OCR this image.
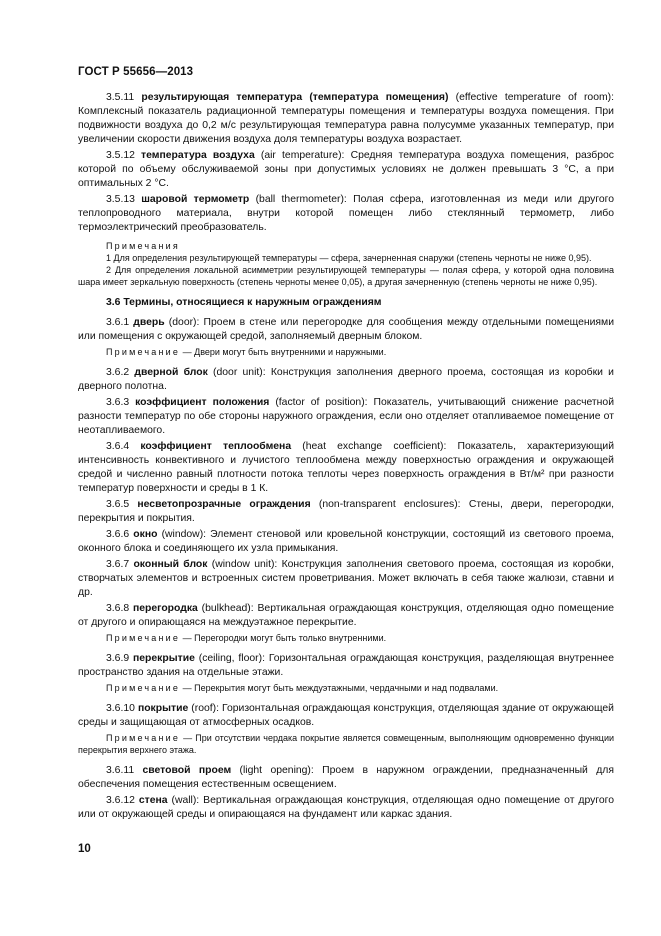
ГОСТ Р 55656—2013

3.5.11 результирующая температура (температура помещения) (effective temperature of room): Комплексный показатель радиационной температуры помещения и температуры воздуха помещения. При подвижности воздуха до 0,2 м/с результирующая температура равна полусумме указанных температур, при увеличении скорости движения воздуха доля температуры воздуха возрастает.

3.5.12 температура воздуха (air temperature): Средняя температура воздуха помещения, разброс которой по объему обслуживаемой зоны при допустимых условиях не должен превышать 3 °C, а при оптимальных 2 °C.

3.5.13 шаровой термометр (ball thermometer): Полая сфера, изготовленная из меди или другого теплопроводного материала, внутри которой помещен либо стеклянный термометр, либо термоэлектрический преобразователь.

Примечания

1 Для определения результирующей температуры — сфера, зачерненная снаружи (степень черноты не ниже 0,95).

2 Для определения локальной асимметрии результирующей температуры — полая сфера, у которой одна половина шара имеет зеркальную поверхность (степень черноты менее 0,05), а другая зачерненную (степень черноты не ниже 0,95).

3.6 Термины, относящиеся к наружным ограждениям

3.6.1 дверь (door): Проем в стене или перегородке для сообщения между отдельными помещениями или помещения с окружающей средой, заполняемый дверным блоком.

Примечание — Двери могут быть внутренними и наружными.

3.6.2 дверной блок (door unit): Конструкция заполнения дверного проема, состоящая из коробки и дверного полотна.

3.6.3 коэффициент положения (factor of position): Показатель, учитывающий снижение расчетной разности температур по обе стороны наружного ограждения, если оно отделяет отапливаемое помещение от неотапливаемого.

3.6.4 коэффициент теплообмена (heat exchange coefficient): Показатель, характеризующий интенсивность конвективного и лучистого теплообмена между поверхностью ограждения и окружающей средой и численно равный плотности потока теплоты через поверхность ограждения в Вт/м² при разности температур поверхности и среды в 1 К.

3.6.5 несветопрозрачные ограждения (non-transparent enclosures): Стены, двери, перегородки, перекрытия и покрытия.

3.6.6 окно (window): Элемент стеновой или кровельной конструкции, состоящий из светового проема, оконного блока и соединяющего их узла примыкания.

3.6.7 оконный блок (window unit): Конструкция заполнения светового проема, состоящая из коробки, створчатых элементов и встроенных систем проветривания. Может включать в себя также жалюзи, ставни и др.

3.6.8 перегородка (bulkhead): Вертикальная ограждающая конструкция, отделяющая одно помещение от другого и опирающаяся на междуэтажное перекрытие.

Примечание — Перегородки могут быть только внутренними.

3.6.9 перекрытие (ceiling, floor): Горизонтальная ограждающая конструкция, разделяющая внутреннее пространство здания на отдельные этажи.

Примечание — Перекрытия могут быть междуэтажными, чердачными и над подвалами.

3.6.10 покрытие (roof): Горизонтальная ограждающая конструкция, отделяющая здание от окружающей среды и защищающая от атмосферных осадков.

Примечание — При отсутствии чердака покрытие является совмещенным, выполняющим одновременно функции перекрытия верхнего этажа.

3.6.11 световой проем (light opening): Проем в наружном ограждении, предназначенный для обеспечения помещения естественным освещением.

3.6.12 стена (wall): Вертикальная ограждающая конструкция, отделяющая одно помещение от другого или от окружающей среды и опирающаяся на фундамент или каркас здания.

10
